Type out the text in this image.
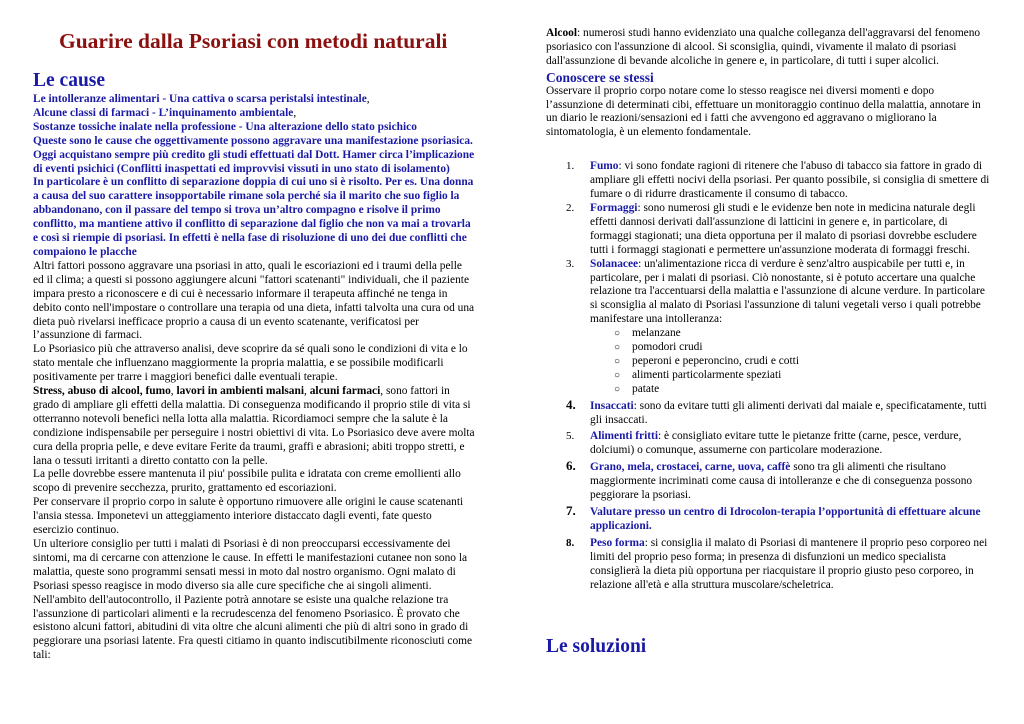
Guarire dalla Psoriasi con metodi naturali
Le cause

Le intolleranze alimentari - Una cattiva o scarsa peristalsi intestinale,

Alcune classi di farmaci - L’inquinamento ambientale,

Sostanze tossiche inalate nella professione - Una alterazione dello stato psichico

Queste sono le cause che oggettivamente possono aggravare una manifestazione psoriasica. Oggi acquistano sempre più credito gli studi effettuati dal Dott. Hamer circa l’implicazione di eventi psichici (Conflitti inaspettati ed improvvisi vissuti in uno stato di isolamento)

In particolare è un conflitto di separazione doppia di cui uno si è risolto. Per es. Una donna a causa del suo carattere insopportabile rimane sola perché sia il marito che suo figlio la abbandonano, con il passare del tempo si trova un’altro compagno e risolve il primo conflitto, ma mantiene attivo il conflitto di separazione dal figlio che non va mai a trovarla e così si riempie di psoriasi. In effetti è nella fase di risoluzione di uno dei due conflitti che compaiono le placche

Altri fattori possono aggravare una psoriasi in atto, quali le escoriazioni ed i traumi della pelle ed il clima; a questi si possono aggiungere alcuni "fattori scatenanti" individuali, che il paziente impara presto a riconoscere e di cui è necessario informare il terapeuta affinché ne tenga in debito conto nell'impostare o controllare una terapia od una dieta, infatti talvolta una cura od una dieta può rivelarsi inefficace proprio a causa di un evento scatenante, verificatosi per l’assunzione di farmaci.

Lo Psoriasico più che attraverso analisi, deve scoprire da sé quali sono le condizioni di vita e lo stato mentale che influenzano maggiormente la propria malattia, e se possibile modificarli positivamente per trarre i maggiori benefici dalle eventuali terapie.

Stress, abuso di alcool, fumo, lavori in ambienti malsani, alcuni farmaci, sono fattori in grado di ampliare gli effetti della malattia. Di conseguenza modificando il proprio stile di vita si otterranno notevoli benefici nella lotta alla malattia. Ricordiamoci sempre che la salute è la condizione indispensabile per perseguire i nostri obiettivi di vita. Lo Psoriasico deve avere molta cura della propria pelle, e deve evitare Ferite da traumi, graffi e abrasioni; abiti troppo stretti, e lana o tessuti irritanti a diretto contatto con la pelle.

La pelle dovrebbe essere mantenuta il piu' possibile pulita e idratata con creme emollienti allo scopo di prevenire secchezza, prurito, grattamento ed escoriazioni.

Per conservare il proprio corpo in salute è opportuno rimuovere alle origini le cause scatenanti l'ansia stessa. Imponetevi un atteggiamento interiore distaccato dagli eventi, fate questo esercizio continuo.

Un ulteriore consiglio per tutti i malati di Psoriasi è di non preoccuparsi eccessivamente dei sintomi, ma di cercarne con attenzione le cause. In effetti le manifestazioni cutanee non sono la malattia, queste sono programmi sensati messi in moto dal nostro organismo. Ogni malato di Psoriasi spesso reagisce in modo diverso sia alle cure specifiche che ai singoli alimenti. Nell'ambito dell'autocontrollo, il Paziente potrà annotare se esiste una qualche relazione tra l'assunzione di particolari alimenti e la recrudescenza del fenomeno Psoriasico. È provato che esistono alcuni fattori, abitudini di vita oltre che alcuni alimenti che più di altri sono in grado di peggiorare una psoriasi latente. Fra questi citiamo in quanto indiscutibilmente riconosciuti come tali:

Alcool: numerosi studi hanno evidenziato una qualche colleganza dell'aggravarsi del fenomeno psoriasico con l'assunzione di alcool. Si sconsiglia, quindi, vivamente il malato di psoriasi dall'assunzione di bevande alcoliche in genere e, in particolare, di tutti i super alcolici.

Conoscere se stessi

Osservare il proprio corpo notare come lo stesso reagisce nei diversi momenti e dopo l’assunzione di determinati cibi, effettuare un monitoraggio continuo della malattia, annotare in un diario le reazioni/sensazioni ed i fatti che avvengono ed aggravano o migliorano la sintomatologia, è un elemento fondamentale.

1. Fumo: vi sono fondate ragioni di ritenere che l'abuso di tabacco sia fattore in grado di ampliare gli effetti nocivi della psoriasi. Per quanto possibile, si consiglia di smettere di fumare o di ridurre drasticamente il consumo di tabacco.
2. Formaggi: sono numerosi gli studi e le evidenze ben note in medicina naturale degli effetti dannosi derivati dall'assunzione di latticini in genere e, in particolare, di formaggi stagionati; una dieta opportuna per il malato di psoriasi dovrebbe escludere tutti i formaggi stagionati e permettere un'assunzione moderata di formaggi freschi.
3. Solanacee: un'alimentazione ricca di verdure è senz'altro auspicabile per tutti e, in particolare, per i malati di psoriasi. Ciò nonostante, si è potuto accertare una qualche relazione tra l'accentuarsi della malattia e l'assunzione di alcune verdure. In particolare si sconsiglia al malato di Psoriasi l'assunzione di taluni vegetali verso i quali potrebbe manifestare una intolleranza:
○ melanzane
○ pomodori crudi
○ peperoni e peperoncino, crudi e cotti
○ alimenti particolarmente speziati
○ patate
4. Insaccati: sono da evitare tutti gli alimenti derivati dal maiale e, specificatamente, tutti gli insaccati.
5. Alimenti fritti: è consigliato evitare tutte le pietanze fritte (carne, pesce, verdure, dolciumi) o comunque, assumerne con particolare moderazione.
6. Grano, mela, crostacei, carne, uova, caffè sono tra gli alimenti che risultano maggiormente incriminati come causa di intolleranze e che di conseguenza possono peggiorare la psoriasi.
7. Valutare presso un centro di Idrocolon-terapia l’opportunità di effettuare alcune applicazioni.
8. Peso forma: si consiglia il malato di Psoriasi di mantenere il proprio peso corporeo nei limiti del proprio peso forma; in presenza di disfunzioni un medico specialista consiglierà la dieta più opportuna per riacquistare il proprio giusto peso corporeo, in relazione all'età e alla struttura muscolare/scheletrica.
Le soluzioni
